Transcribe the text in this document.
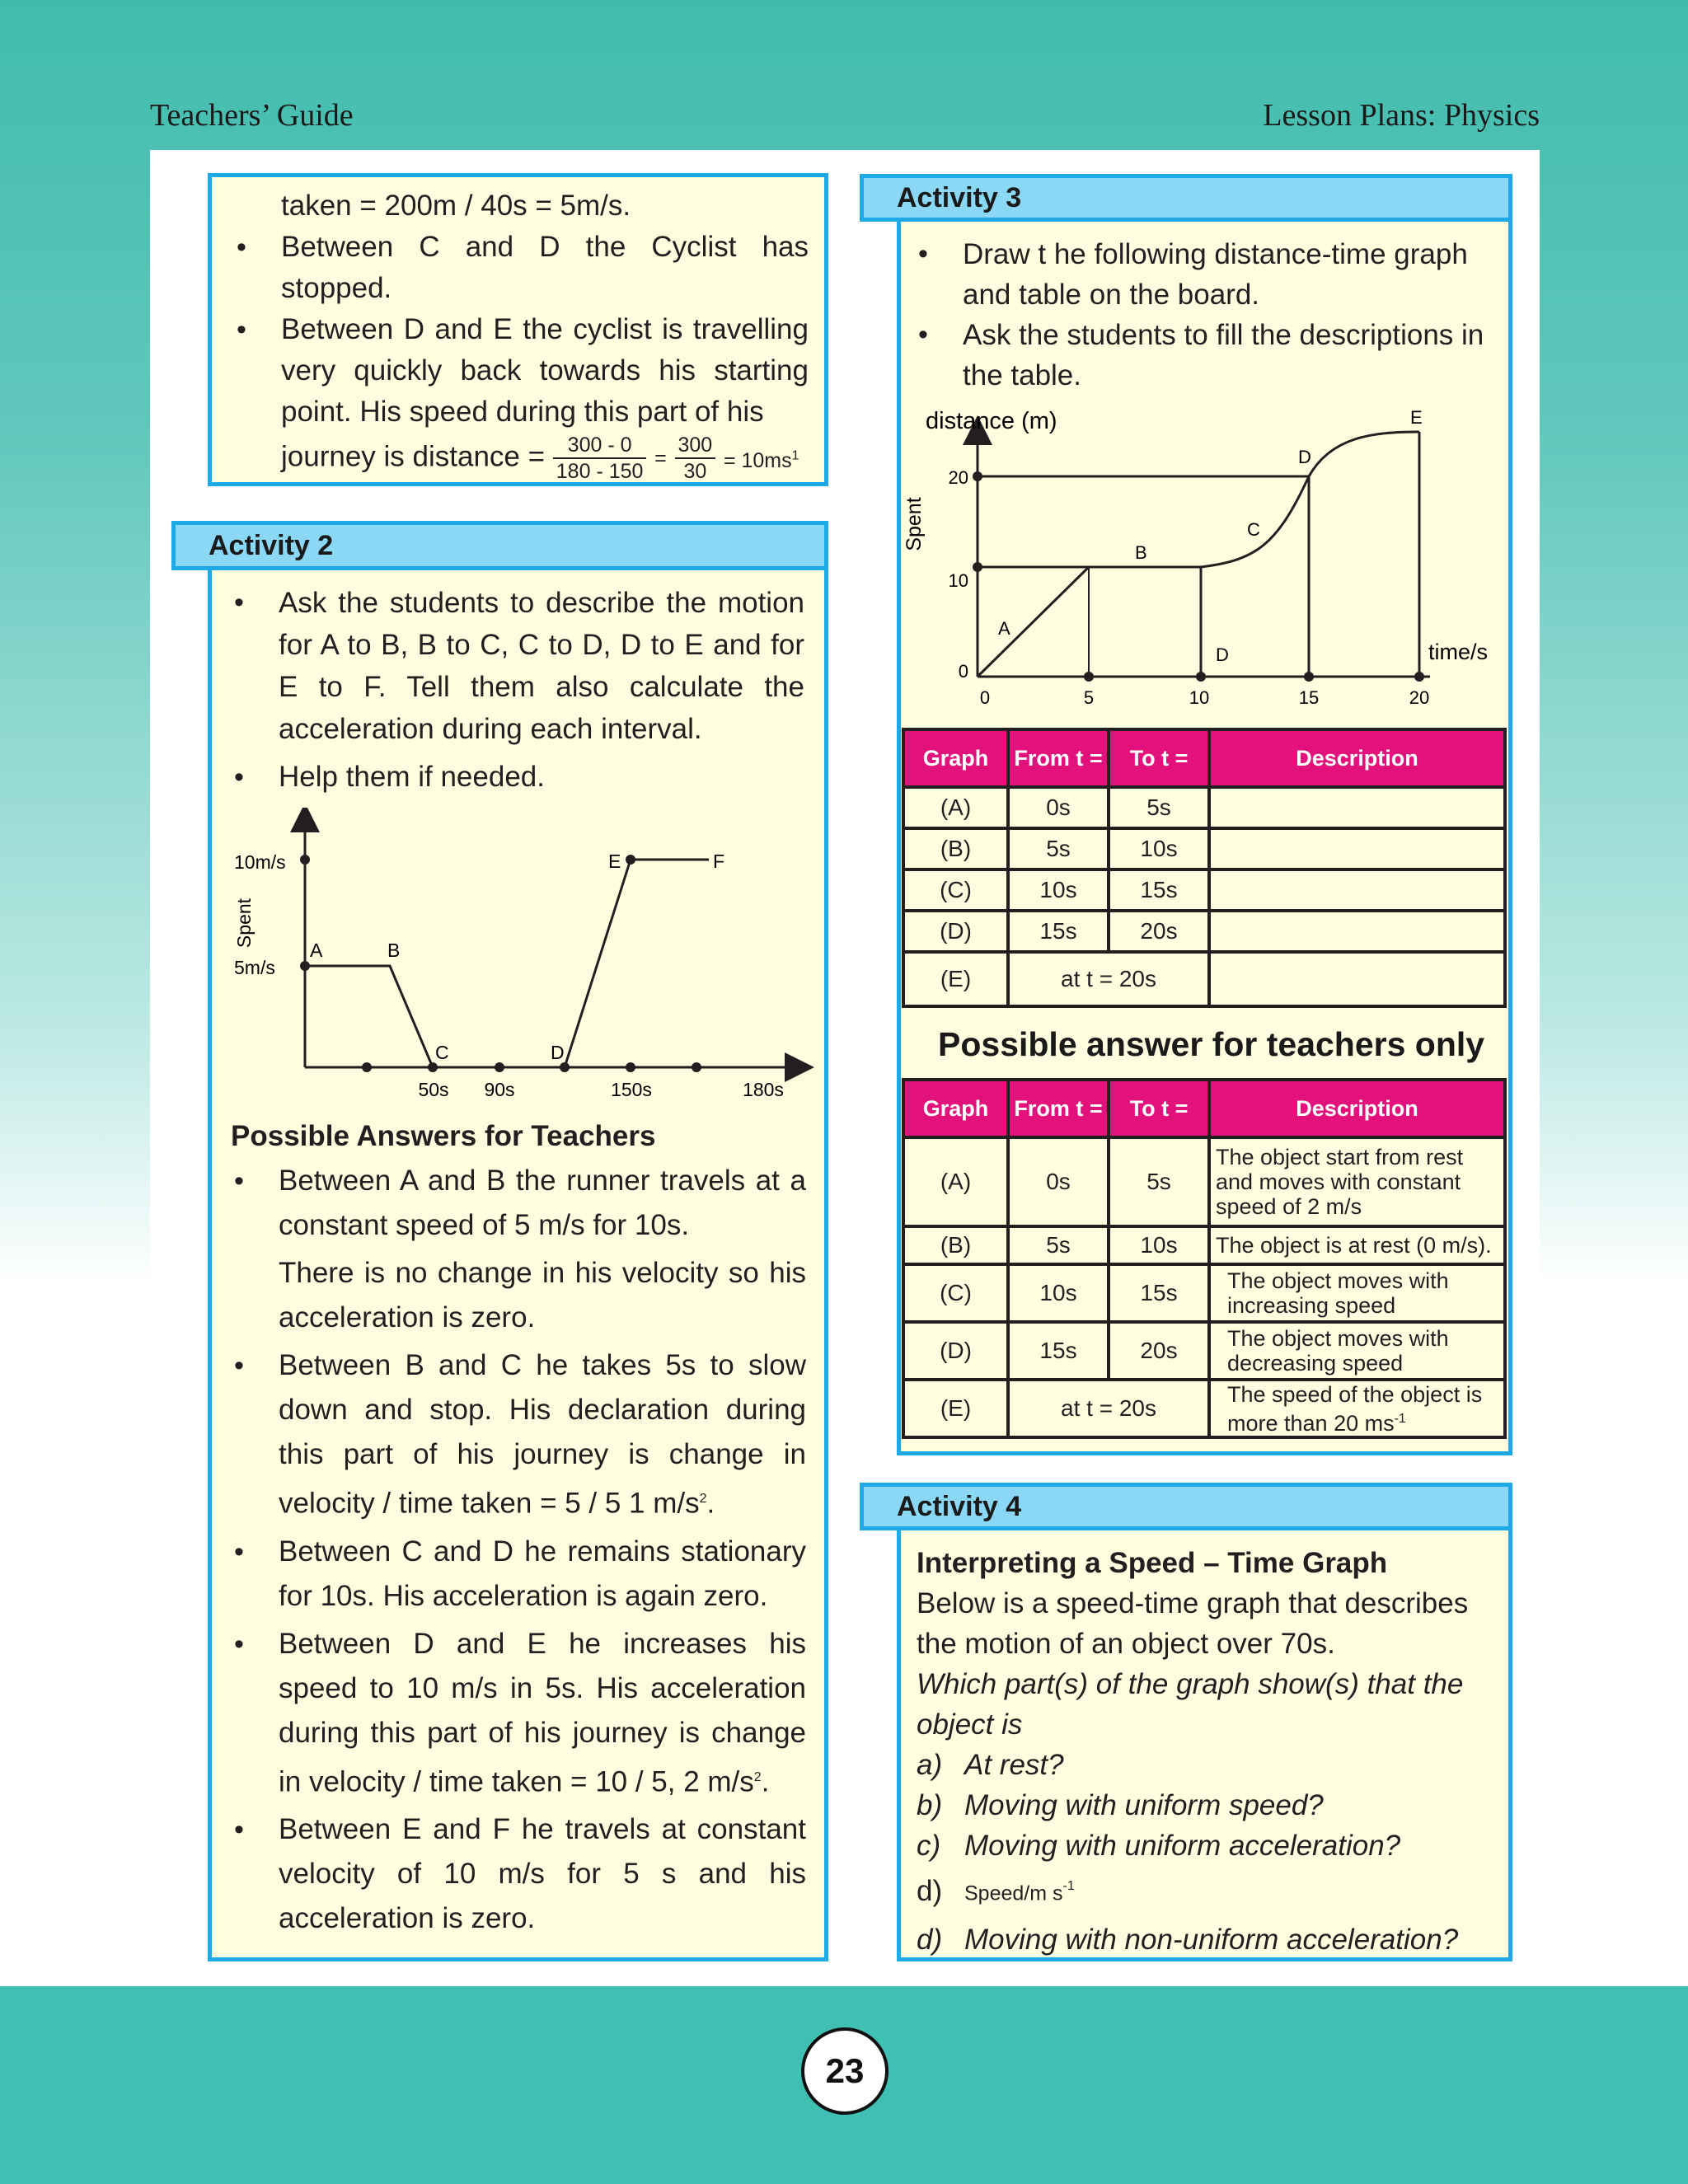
Teachers’ Guide	Lesson Plans: Physics
23
taken = 200m / 40s = 5m/s.
• Between C and D the Cyclist has stopped.
• Between D and E the cyclist is travelling very quickly back towards his starting point. His speed during this part of his
journey is distance = $\frac{300 - 0}{180 - 150} = \frac{300}{30} = 10ms^1$
Activity 2
• Ask the students to describe the motion for A to B, B to C, C to D, D to E and for E to F. Tell them also calculate the acceleration during each interval.
• Help them if needed.
10m/s
5m/s
Spent
A	B
C	D
E	F
50s 90s	150s	180s
Possible Answers for Teachers
• Between A and B the runner travels at a constant speed of 5 m/s for 10s.
There is no change in his velocity so his acceleration is zero.
• Between B and C he takes 5s to slow down and stop. His declaration during this part of his journey is change in velocity / time taken = 5 / 5 1 $m/s^2$.
• Between C and D he remains stationary for 10s. His acceleration is again zero.
• Between D and E he increases his speed to 10 m/s in 5s. His acceleration during this part of his journey is change in velocity / time taken = 10 / 5, 2 $m/s^2$.
• Between E and F he travels at constant velocity of 10 m/s for 5 s and his acceleration is zero.
Activity 3
• Draw t he following distance-time graph and table on the board.
• Ask the students to fill the descriptions in the table.
distance (m)
Spent
time/s
20
10
0
0	5	10	15	20
A
B
C
D
D
E
Graph	From t =	To t =	Description
(A)	0s	5s	
(B)	5s	10s	
(C)	10s	15s	
(D)	15s	20s	
(E)	at t = 20s		
Possible answer for teachers only
Graph	From t =	To t =	Description
(A)	0s	5s	The object start from rest and moves with constant speed of 2 m/s
(B)	5s	10s	The object is at rest (0 m/s).
(C)	10s	15s	The object moves with increasing speed
(D)	15s	20s	The object moves with decreasing speed
(E)	at t = 20s		The speed of the object is more than 20 $ms^{-1}$
Activity 4
Interpreting a Speed – Time Graph
Below is a speed-time graph that describes the motion of an object over 70s.
Which part(s) of the graph show(s) that the object is
a) At rest?
b) Moving with uniform speed?
c) Moving with uniform acceleration?
d) Speed/m $s^{-1}$
d) Moving with non-uniform acceleration?
